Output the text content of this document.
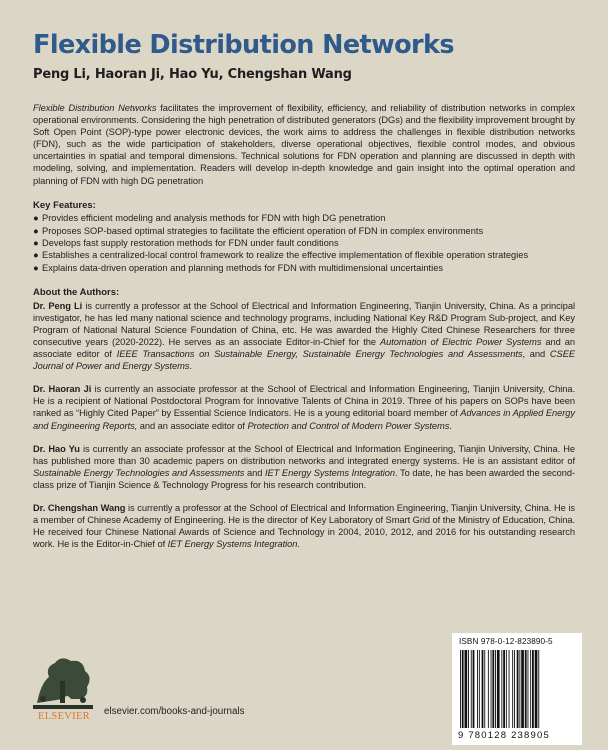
Flexible Distribution Networks
Peng Li, Haoran Ji, Hao Yu, Chengshan Wang

Flexible Distribution Networks facilitates the improvement of flexibility, efficiency, and reliability of distribution networks in complex operational environments. Considering the high penetration of distributed generators (DGs) and the flexibility improvement brought by Soft Open Point (SOP)-type power electronic devices, the work aims to address the challenges in flexible distribution networks (FDN), such as the wide participation of stakeholders, diverse operational objectives, flexible control modes, and obvious uncertainties in spatial and temporal dimensions. Technical solutions for FDN operation and planning are discussed in depth with modeling, solving, and implementation. Readers will develop in-depth knowledge and gain insight into the optimal operation and planning of FDN with high DG penetration

Key Features:
● Provides efficient modeling and analysis methods for FDN with high DG penetration
● Proposes SOP-based optimal strategies to facilitate the efficient operation of FDN in complex environments
● Develops fast supply restoration methods for FDN under fault conditions
● Establishes a centralized-local control framework to realize the effective implementation of flexible operation strategies
● Explains data-driven operation and planning methods for FDN with multidimensional uncertainties
About the Authors:

Dr. Peng Li is currently a professor at the School of Electrical and Information Engineering, Tianjin University, China. As a principal investigator, he has led many national science and technology programs, including National Key R&D Program Sub-project, and Key Program of National Natural Science Foundation of China, etc. He was awarded the Highly Cited Chinese Researchers for three consecutive years (2020-2022). He serves as an associate Editor-in-Chief for the Automation of Electric Power Systems and an associate editor of IEEE Transactions on Sustainable Energy, Sustainable Energy Technologies and Assessments, and CSEE Journal of Power and Energy Systems.

Dr. Haoran Ji is currently an associate professor at the School of Electrical and Information Engineering, Tianjin University, China. He is a recipient of National Postdoctoral Program for Innovative Talents of China in 2019. Three of his papers on SOPs have been ranked as “Highly Cited Paper” by Essential Science Indicators. He is a young editorial board member of Advances in Applied Energy and Engineering Reports, and an associate editor of Protection and Control of Modern Power Systems.

Dr. Hao Yu is currently an associate professor at the School of Electrical and Information Engineering, Tianjin University, China. He has published more than 30 academic papers on distribution networks and integrated energy systems. He is an assistant editor of Sustainable Energy Technologies and Assessments and IET Energy Systems Integration. To date, he has been awarded the second-class prize of Tianjin Science & Technology Progress for his research contribution.

Dr. Chengshan Wang is currently a professor at the School of Electrical and Information Engineering, Tianjin University, China. He is a member of Chinese Academy of Engineering. He is the director of Key Laboratory of Smart Grid of the Ministry of Education, China. He received four Chinese National Awards of Science and Technology in 2004, 2010, 2012, and 2016 for his outstanding research work. He is the Editor-in-Chief of IET Energy Systems Integration.

ELSEVIER	elsevier.com/books-and-journals
ISBN 978-0-12-823890-5
9 780128 238905
